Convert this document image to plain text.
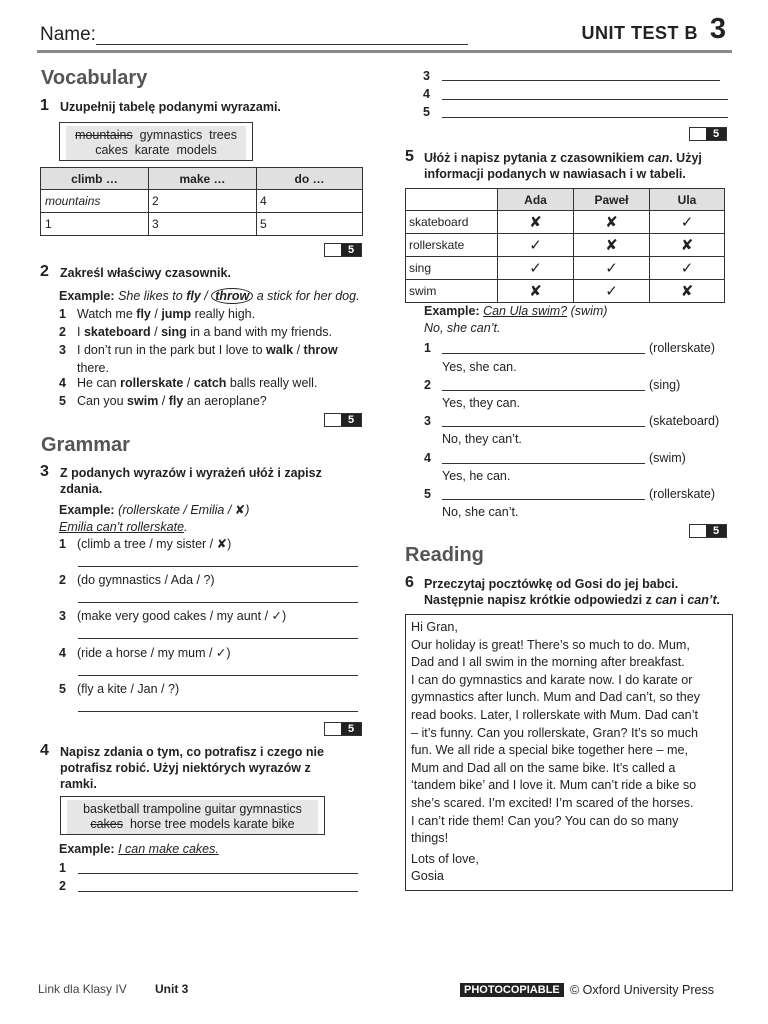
Name:	UNIT TEST B 3
Vocabulary
1 Uzupełnij tabelę podanymi wyrazami.
mountains gymnastics trees
cakes karate models
climb …	make …	do …
mountains	2	4
1	3	5
5
2 Zakreśl właściwy czasownik.
Example: She likes to fly / throw a stick for her dog.
1 Watch me fly / jump really high.
2 I skateboard / sing in a band with my friends.
3 I don’t run in the park but I love to walk / throw
there.
4 He can rollerskate / catch balls really well.
5 Can you swim / fly an aeroplane?
5
Grammar
3 Z podanych wyrazów i wyrażeń ułóż i zapisz zdania.
Example: (rollerskate / Emilia / ✘)
Emilia can’t rollerskate.
1 (climb a tree / my sister / ✘)
2 (do gymnastics / Ada / ?)
3 (make very good cakes / my aunt / ✓)
4 (ride a horse / my mum / ✓)
5 (fly a kite / Jan / ?)
5
4 Napisz zdania o tym, co potrafisz i czego nie potrafisz robić. Użyj niektórych wyrazów z ramki.
basketball trampoline guitar gymnastics
cakes horse tree models karate bike
Example: I can make cakes.
1
2
3
4
5
5
5 Ułóż i napisz pytania z czasownikiem can. Użyj informacji podanych w nawiasach i w tabeli.
	Ada	Paweł	Ula
skateboard	✘	✘	✓
rollerskate	✓	✘	✘
sing	✓	✓	✓
swim	✘	✓	✘
Example: Can Ula swim? (swim)
No, she can’t.
1	(rollerskate)
Yes, she can.
2	(sing)
Yes, they can.
3	(skateboard)
No, they can’t.
4	(swim)
Yes, he can.
5	(rollerskate)
No, she can’t.
5
Reading
6 Przeczytaj pocztówkę od Gosi do jej babci. Następnie napisz krótkie odpowiedzi z can i can’t.
Hi Gran,
Our holiday is great! There’s so much to do. Mum,
Dad and I all swim in the morning after breakfast.
I can do gymnastics and karate now. I do karate or
gymnastics after lunch. Mum and Dad can’t, so they
read books. Later, I rollerskate with Mum. Dad can’t
– it’s funny. Can you rollerskate, Gran? It’s so much
fun. We all ride a special bike together here – me,
Mum and Dad all on the same bike. It’s called a
‘tandem bike’ and I love it. Mum can’t ride a bike so
she’s scared. I’m excited! I’m scared of the horses.
I can’t ride them! Can you? You can do so many
things!
Lots of love,
Gosia
Link dla Klasy IV Unit 3	PHOTOCOPIABLE © Oxford University Press
